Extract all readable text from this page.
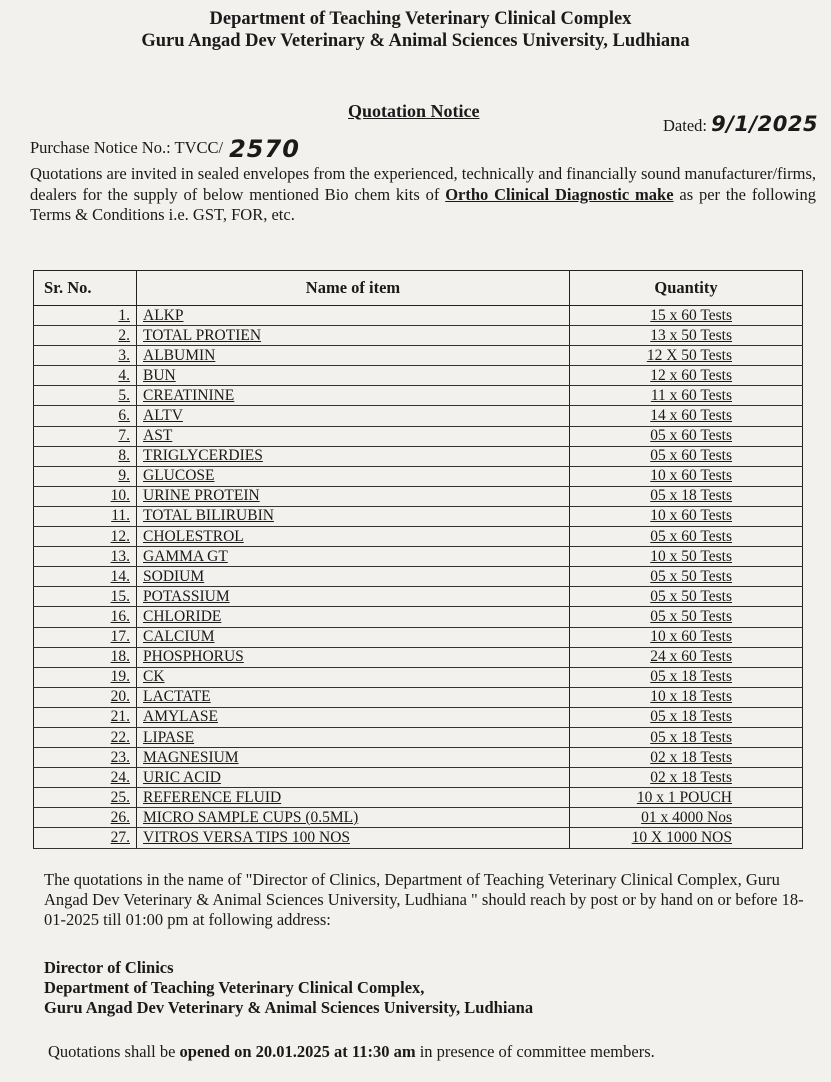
Department of Teaching Veterinary Clinical Complex
Guru Angad Dev Veterinary & Animal Sciences University, Ludhiana
Quotation Notice
Purchase Notice No.: TVCC/ 2570
Dated: 9/1/2025
Quotations are invited in sealed envelopes from the experienced, technically and financially sound manufacturer/firms, dealers for the supply of below mentioned Bio chem kits of Ortho Clinical Diagnostic make as per the following Terms & Conditions i.e. GST, FOR, etc.
Sr. No.	Name of item	Quantity
1.	ALKP	15 x 60 Tests
2.	TOTAL PROTIEN	13 x 50 Tests
3.	ALBUMIN	12 X 50 Tests
4.	BUN	12 x 60 Tests
5.	CREATININE	11 x 60 Tests
6.	ALTV	14 x 60 Tests
7.	AST	05 x 60 Tests
8.	TRIGLYCERDIES	05 x 60 Tests
9.	GLUCOSE	10 x 60 Tests
10.	URINE PROTEIN	05 x 18 Tests
11.	TOTAL BILIRUBIN	10 x 60 Tests
12.	CHOLESTROL	05 x 60 Tests
13.	GAMMA GT	10 x 50 Tests
14.	SODIUM	05 x 50 Tests
15.	POTASSIUM	05 x 50 Tests
16.	CHLORIDE	05 x 50 Tests
17.	CALCIUM	10 x 60 Tests
18.	PHOSPHORUS	24 x 60 Tests
19.	CK	05 x 18 Tests
20.	LACTATE	10 x 18 Tests
21.	AMYLASE	05 x 18 Tests
22.	LIPASE	05 x 18 Tests
23.	MAGNESIUM	02 x 18 Tests
24.	URIC ACID	02 x 18 Tests
25.	REFERENCE FLUID	10 x 1 POUCH
26.	MICRO SAMPLE CUPS (0.5ML)	01 x 4000 Nos
27.	VITROS VERSA TIPS 100 NOS	10 X 1000 NOS
The quotations in the name of "Director of Clinics, Department of Teaching Veterinary Clinical Complex, Guru Angad Dev Veterinary & Animal Sciences University, Ludhiana " should reach by post or by hand on or before 18-01-2025 till 01:00 pm at following address:
Director of Clinics
Department of Teaching Veterinary Clinical Complex,
Guru Angad Dev Veterinary & Animal Sciences University, Ludhiana
Quotations shall be opened on 20.01.2025 at 11:30 am in presence of committee members.
